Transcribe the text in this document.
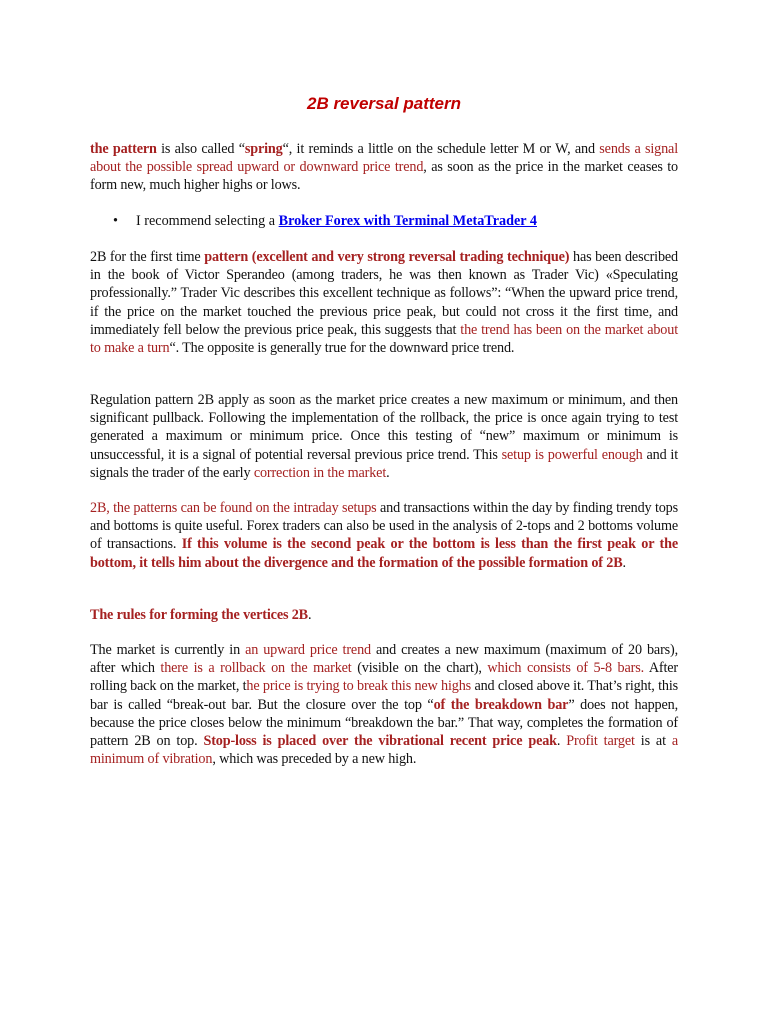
2B reversal pattern

the pattern is also called “spring“, it reminds a little on the schedule letter M or W, and sends a signal about the possible spread upward or downward price trend, as soon as the price in the market ceases to form new, much higher highs or lows.

• I recommend selecting a Broker Forex with Terminal MetaTrader 4

2B for the first time pattern (excellent and very strong reversal trading technique) has been described in the book of Victor Sperandeo (among traders, he was then known as Trader Vic) «Speculating professionally.” Trader Vic describes this excellent technique as follows”: “When the upward price trend, if the price on the market touched the previous price peak, but could not cross it the first time, and immediately fell below the previous price peak, this suggests that the trend has been on the market about to make a turn“. The opposite is generally true for the downward price trend.

Regulation pattern 2B apply as soon as the market price creates a new maximum or minimum, and then significant pullback. Following the implementation of the rollback, the price is once again trying to test generated a maximum or minimum price. Once this testing of “new” maximum or minimum is unsuccessful, it is a signal of potential reversal previous price trend. This setup is powerful enough and it signals the trader of the early correction in the market.

2B, the patterns can be found on the intraday setups and transactions within the day by finding trendy tops and bottoms is quite useful. Forex traders can also be used in the analysis of 2-tops and 2 bottoms volume of transactions. If this volume is the second peak or the bottom is less than the first peak or the bottom, it tells him about the divergence and the formation of the possible formation of 2B.

The rules for forming the vertices 2B.

The market is currently in an upward price trend and creates a new maximum (maximum of 20 bars), after which there is a rollback on the market (visible on the chart), which consists of 5-8 bars. After rolling back on the market, the price is trying to break this new highs and closed above it. That’s right, this bar is called “break-out bar. But the closure over the top “of the breakdown bar” does not happen, because the price closes below the minimum “breakdown the bar.” That way, completes the formation of pattern 2B on top. Stop-loss is placed over the vibrational recent price peak. Profit target is at a minimum of vibration, which was preceded by a new high.
